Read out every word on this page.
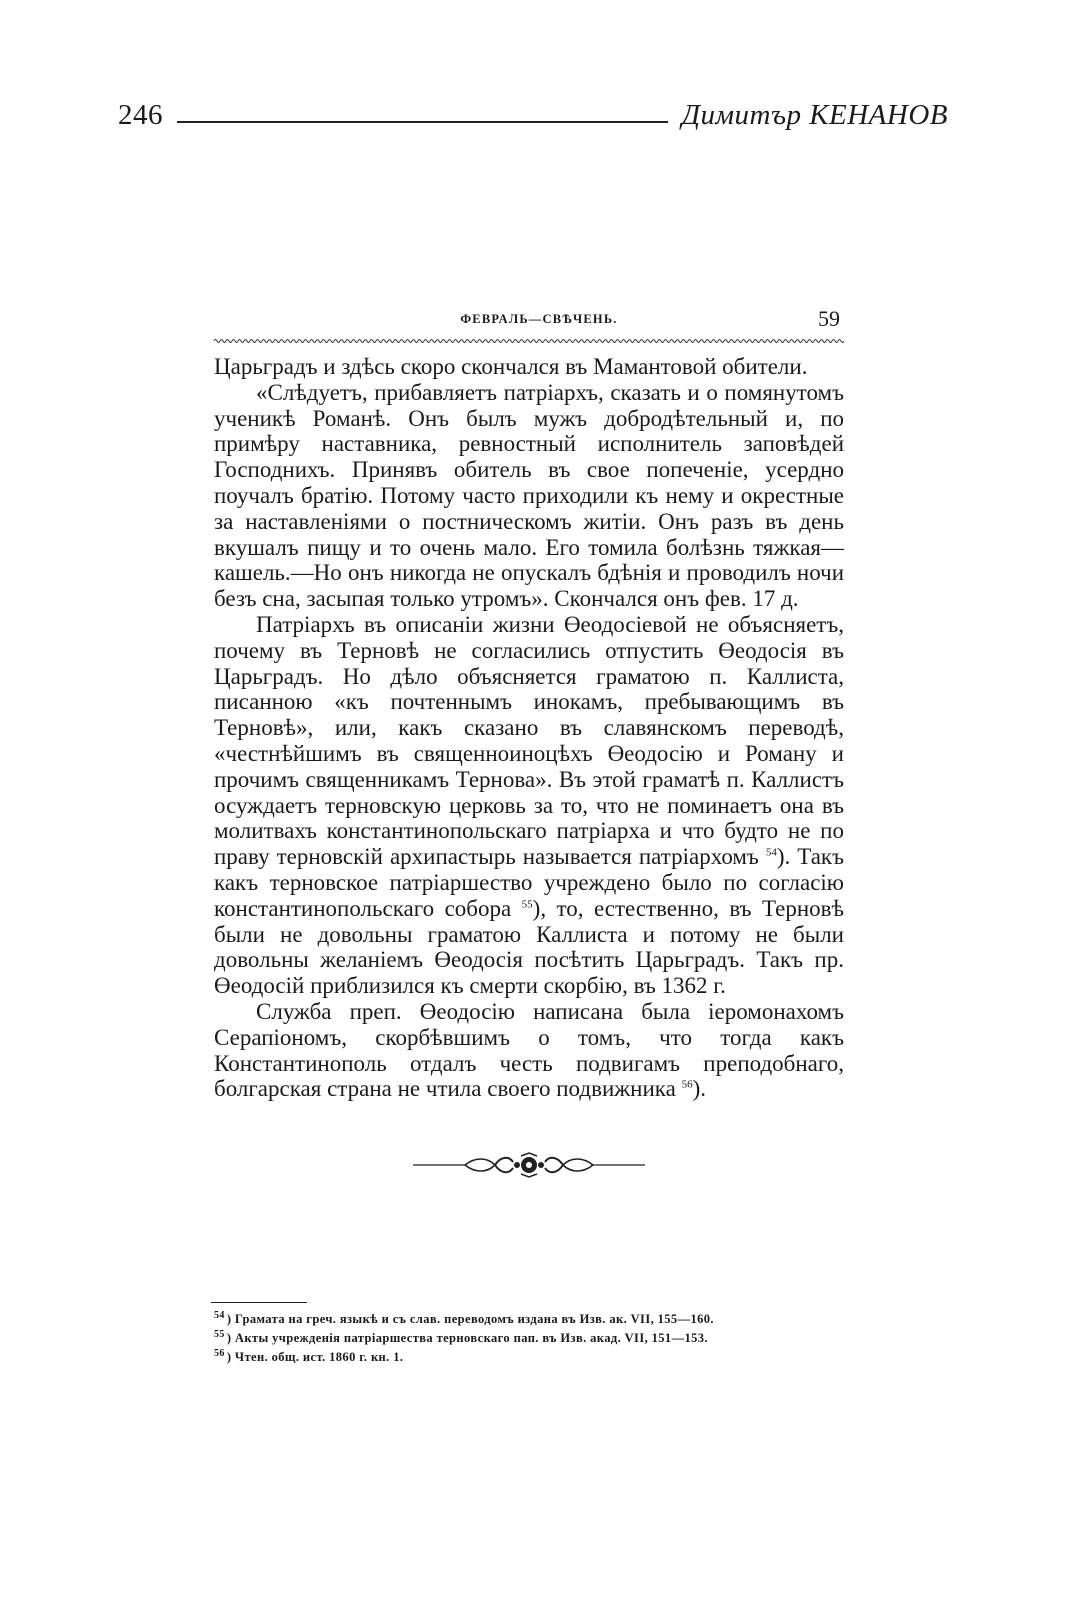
246	Димитър КЕНАНОВ
ФЕВРАЛЬ—СВѢЧЕНЬ.	59

Царьградъ и здѣсь скоро скончался въ Мамантовой обители.

«Слѣдуетъ, прибавляетъ патріархъ, сказать и о помянутомъ ученикѣ Романѣ. Онъ былъ мужъ добродѣтельный и, по примѣру наставника, ревностный исполнитель заповѣдей Господнихъ. Принявъ обитель въ свое попеченіе, усердно поучалъ братію. Потому часто приходили къ нему и окрестные за наставленіями о постническомъ житіи. Онъ разъ въ день вкушалъ пищу и то очень мало. Его томила болѣзнь тяжкая—кашель.—Но онъ никогда не опускалъ бдѣнія и проводилъ ночи безъ сна, засыпая только утромъ». Скончался онъ фев. 17 д.

Патріархъ въ описаніи жизни Өеодосіевой не объясняетъ, почему въ Терновѣ не согласились отпустить Өеодосія въ Царьградъ. Но дѣло объясняется граматою п. Каллиста, писанною «къ почтеннымъ инокамъ, пребывающимъ въ Терновѣ», или, какъ сказано въ славянскомъ переводѣ, «честнѣйшимъ въ священноиноцѣхъ Өеодосію и Роману и прочимъ священникамъ Тернова». Въ этой граматѣ п. Каллистъ осуждаетъ терновскую церковь за то, что не поминаетъ она въ молитвахъ константинопольскаго патріарха и что будто не по праву терновскій архипастырь называется патріархомъ $^{54}$). Такъ какъ терновское патріаршество учреждено было по согласію константинопольскаго собора $^{55}$), то, естественно, въ Терновѣ были не довольны граматою Каллиста и потому не были довольны желаніемъ Өеодосія посѣтить Царьградъ. Такъ пр. Өеодосій приблизился къ смерти скорбію, въ 1362 г.

Служба преп. Өеодосію написана была іеромонахомъ Серапіономъ, скорбѣвшимъ о томъ, что тогда какъ Константинополь отдалъ честь подвигамъ преподобнаго, болгарская страна не чтила своего подвижника $^{56}$).

$^{54}$ ) Грамата на греч. языкѣ и съ слав. переводомъ издана въ Изв. ак. VII, 155—160.
$^{55}$ ) Акты учрежденія патріаршества терновскаго пап. въ Изв. акад. VII, 151—153.
$^{56}$ ) Чтен. общ. ист. 1860 г. кн. 1.
